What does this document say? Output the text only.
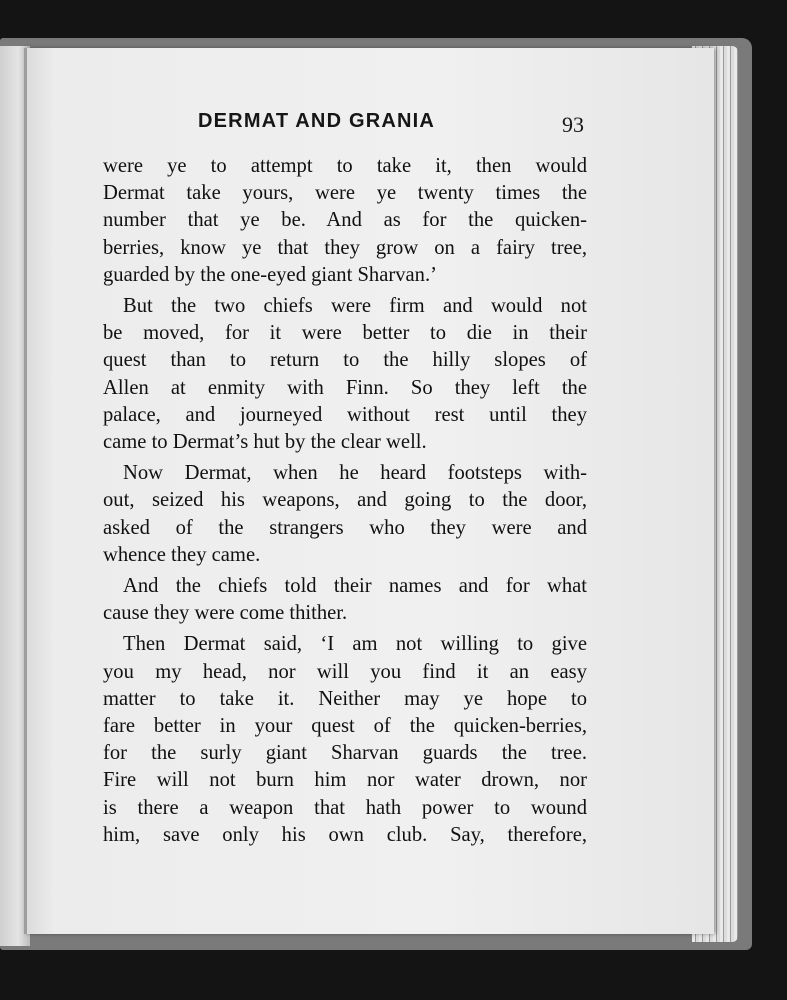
DERMAT AND GRANIA	93

were ye to attempt to take it, then would
Dermat take yours, were ye twenty times the
number that ye be. And as for the quicken-
berries, know ye that they grow on a fairy tree,
guarded by the one-eyed giant Sharvan.’

But the two chiefs were firm and would not
be moved, for it were better to die in their
quest than to return to the hilly slopes of
Allen at enmity with Finn. So they left the
palace, and journeyed without rest until they
came to Dermat’s hut by the clear well.

Now Dermat, when he heard footsteps with-
out, seized his weapons, and going to the door,
asked of the strangers who they were and
whence they came.

And the chiefs told their names and for what
cause they were come thither.

Then Dermat said, ‘I am not willing to give
you my head, nor will you find it an easy
matter to take it. Neither may ye hope to
fare better in your quest of the quicken-berries,
for the surly giant Sharvan guards the tree.
Fire will not burn him nor water drown, nor
is there a weapon that hath power to wound
him, save only his own club. Say, therefore,
